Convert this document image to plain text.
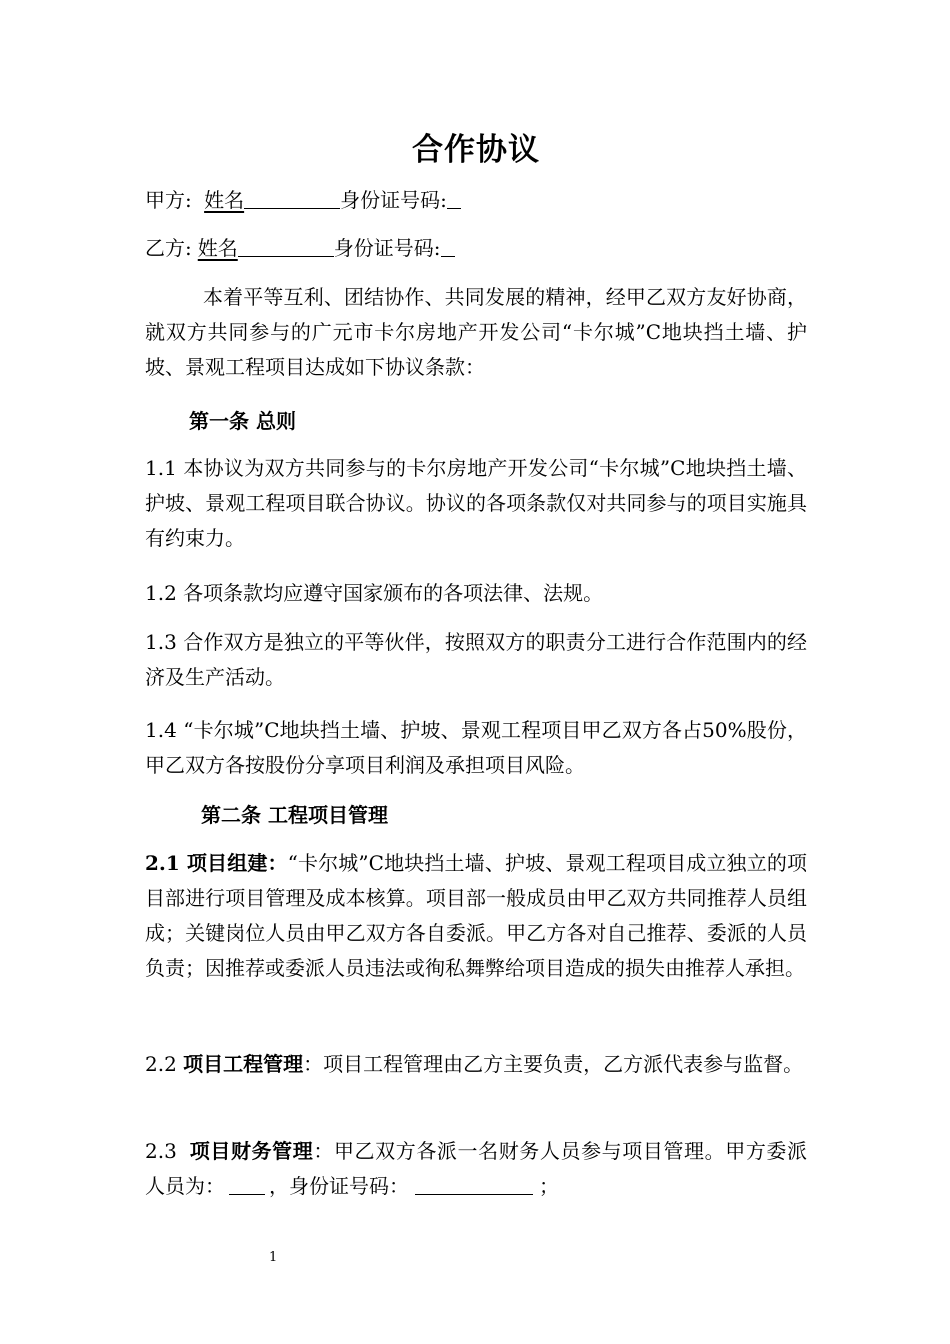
合作协议
甲方: 姓名	身份证号码:
乙方: 姓名	身份证号码:
本着平等互利、团结协作、共同发展的精神，经甲乙双方友好协商，就双方共同参与的广元市卡尔房地产开发公司“卡尔城”C地块挡土墙、护坡、景观工程项目达成如下协议条款：
第一条 总则
1.1 本协议为双方共同参与的卡尔房地产开发公司“卡尔城”C地块挡土墙、护坡、景观工程项目联合协议。协议的各项条款仅对共同参与的项目实施具有约束力。
1.2 各项条款均应遵守国家颁布的各项法律、法规。
1.3 合作双方是独立的平等伙伴，按照双方的职责分工进行合作范围内的经济及生产活动。
1.4 “卡尔城”C地块挡土墙、护坡、景观工程项目甲乙双方各占50%股份，甲乙双方各按股份分享项目利润及承担项目风险。
第二条 工程项目管理
2.1 项目组建：“卡尔城”C地块挡土墙、护坡、景观工程项目成立独立的项目部进行项目管理及成本核算。项目部一般成员由甲乙双方共同推荐人员组成；关键岗位人员由甲乙双方各自委派。甲乙方各对自己推荐、委派的人员负责；因推荐或委派人员违法或徇私舞弊给项目造成的损失由推荐人承担。
2.2 项目工程管理：项目工程管理由乙方主要负责，乙方派代表参与监督。
2.3 项目财务管理：甲乙双方各派一名财务人员参与项目管理。甲方委派人员为： ，身份证号码：	；
1
